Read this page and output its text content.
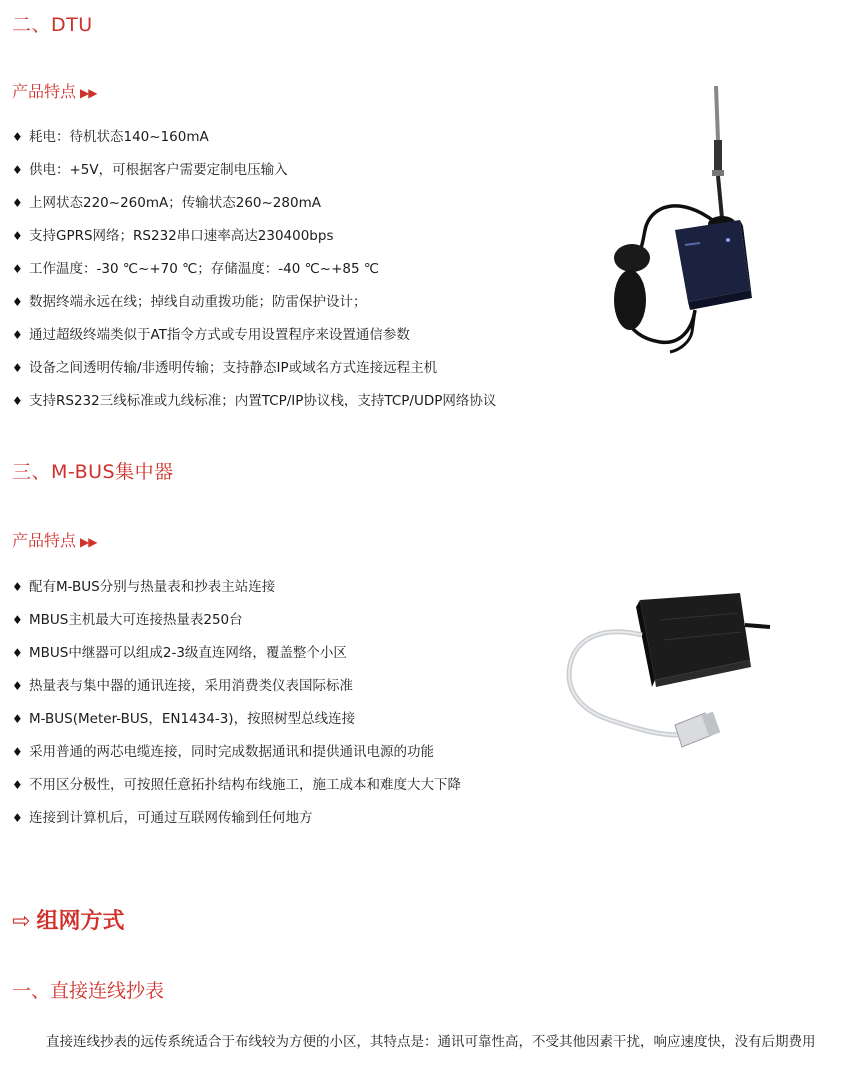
二、DTU
产品特点 ▶▶
♦ 耗电：待机状态140~160mA
♦ 供电：+5V，可根据客户需要定制电压输入
♦ 上网状态220~260mA；传输状态260~280mA
♦ 支持GPRS网络；RS232串口速率高达230400bps
♦ 工作温度：-30 ℃~+70 ℃；存储温度：-40 ℃~+85 ℃
♦ 数据终端永远在线；掉线自动重拨功能；防雷保护设计；
♦ 通过超级终端类似于AT指令方式或专用设置程序来设置通信参数
♦ 设备之间透明传输/非透明传输；支持静态IP或域名方式连接远程主机
♦ 支持RS232三线标准或九线标准；内置TCP/IP协议栈，支持TCP/UDP网络协议
三、M-BUS集中器
产品特点 ▶▶
♦ 配有M-BUS分别与热量表和抄表主站连接
♦ MBUS主机最大可连接热量表250台
♦ MBUS中继器可以组成2-3级直连网络，覆盖整个小区
♦ 热量表与集中器的通讯连接，采用消费类仪表国际标准
♦ M-BUS(Meter-BUS，EN1434-3)，按照树型总线连接
♦ 采用普通的两芯电缆连接，同时完成数据通讯和提供通讯电源的功能
♦ 不用区分极性，可按照任意拓扑结构布线施工，施工成本和难度大大下降
♦ 连接到计算机后，可通过互联网传输到任何地方
⇨ 组网方式
一、直接连线抄表
直接连线抄表的远传系统适合于布线较为方便的小区，其特点是：通讯可靠性高，不受其他因素干扰，响应速度快，没有后期费用
